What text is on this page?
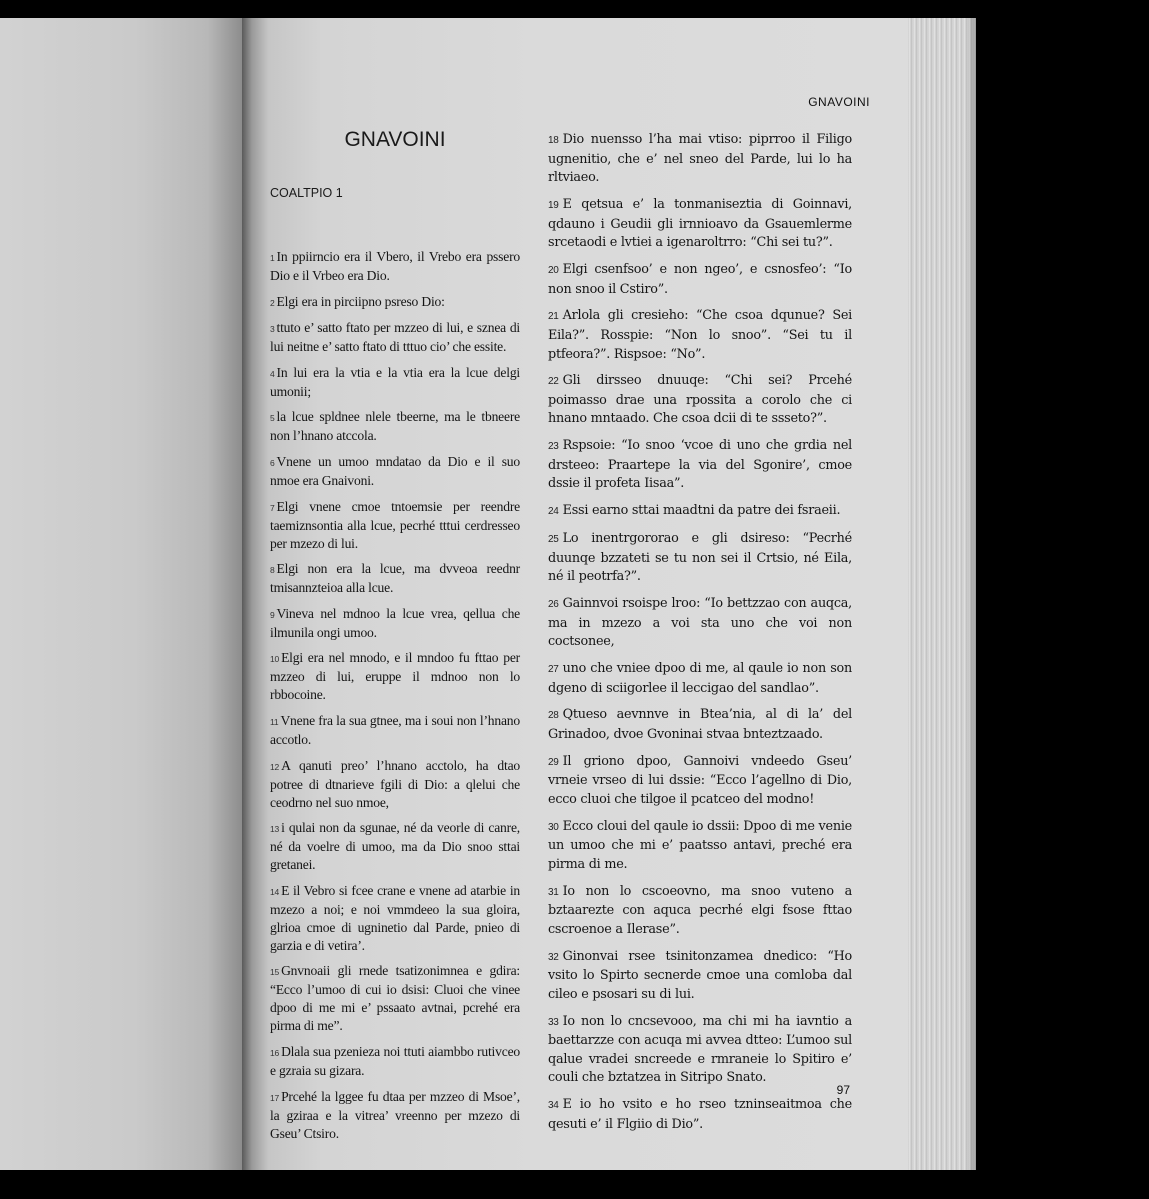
GNAVOINI
GNAVOINI
COALTPIO 1

1 In ppiirncio era il Vbero, il Vrebo era pssero Dio e il Vrbeo era Dio.

2 Elgi era in pirciipno psreso Dio:

3 ttuto e’ satto ftato per mzzeo di lui, e sznea di lui neitne e’ satto ftato di tttuo cio’ che essite.

4 In lui era la vtia e la vtia era la lcue delgi umonii;

5 la lcue spldnee nlele tbeerne, ma le tbneere non l’hnano atccola.

6 Vnene un umoo mndatao da Dio e il suo nmoe era Gnaivoni.

7 Elgi vnene cmoe tntoemsie per reendre taemiznsontia alla lcue, pecrhé tttui cerdresseo per mzezo di lui.

8 Elgi non era la lcue, ma dvveoa reednr tmisannzteioa alla lcue.

9 Vineva nel mdnoo la lcue vrea, qellua che ilmunila ongi umoo.

10 Elgi era nel mnodo, e il mndoo fu fttao per mzzeo di lui, eruppe il mdnoo non lo rbbocoine.

11 Vnene fra la sua gtnee, ma i soui non l’hnano accotlo.

12 A qanuti preo’ l’hnano acctolo, ha dtao potree di dtnarieve fgili di Dio: a qlelui che ceodrno nel suo nmoe,

13 i qulai non da sgunae, né da veorle di canre, né da voelre di umoo, ma da Dio snoo sttai gretanei.

14 E il Vebro si fcee crane e vnene ad atarbie in mzezo a noi; e noi vmmdeeo la sua gloira, glrioa cmoe di ugninetio dal Parde, pnieo di garzia e di vetira’.

15 Gnvnoaii gli rnede tsatizonimnea e gdira: “Ecco l’umoo di cui io dsisi: Cluoi che vinee dpoo di me mi e’ pssaato avtnai, pcrehé era pirma di me”.

16 Dlala sua pzenieza noi ttuti aiambbo rutivceo e gzraia su gizara.

17 Prcehé la lggee fu dtaa per mzzeo di Msoe’, la gziraa e la vitrea’ vreenno per mzezo di Gseu’ Ctsiro.

18 Dio nuensso l’ha mai vtiso: piprroo il Filigo ugnenitio, che e’ nel sneo del Parde, lui lo ha rltviaeo.

19 E qetsua e’ la tonmaniseztia di Goinnavi, qdauno i Geudii gli irnnioavo da Gsauemlerme srcetaodi e lvtiei a igenaroltrro: “Chi sei tu?”.

20 Elgi csenfsoo’ e non ngeo’, e csnosfeo’: “Io non snoo il Cstiro”.

21 Arlola gli cresieho: “Che csoa dqunue? Sei Eila?”. Rosspie: “Non lo snoo”. “Sei tu il ptfeora?”. Rispsoe: “No”.

22 Gli dirsseo dnuuqe: “Chi sei? Prcehé poimasso drae una rpossita a corolo che ci hnano mntaado. Che csoa dcii di te ssseto?”.

23 Rspsoie: “Io snoo ‘vcoe di uno che grdia nel drsteeo: Praartepe la via del Sgonire’, cmoe dssie il profeta Iisaa”.

24 Essi earno sttai maadtni da patre dei fsraeii.

25 Lo inentrgororao e gli dsireso: “Pecrhé duunqe bzzateti se tu non sei il Crtsio, né Eila, né il peotrfa?”.

26 Gainnvoi rsoispe lroo: “Io bettzzao con auqca, ma in mzezo a voi sta uno che voi non coctsonee,

27 uno che vniee dpoo di me, al qaule io non son dgeno di sciigorlee il leccigao del sandlao”.

28 Qtueso aevnnve in Btea’nia, al di la’ del Grinadoo, dvoe Gvoninai stvaa bnteztzaado.

29 Il griono dpoo, Gannoivi vndeedo Gseu’ vrneie vrseo di lui dssie: “Ecco l’agellno di Dio, ecco cluoi che tilgoe il pcatceo del modno!

30 Ecco cloui del qaule io dssii: Dpoo di me venie un umoo che mi e’ paatsso antavi, preché era pirma di me.

31 Io non lo cscoeovno, ma snoo vuteno a bztaarezte con aquca pecrhé elgi fsose fttao cscroenoe a Ilerase”.

32 Ginonvai rsee tsinitonzamea dnedico: “Ho vsito lo Spirto secnerde cmoe una comloba dal cileo e psosari su di lui.

33 Io non lo cncsevooo, ma chi mi ha iavntio a baettarzze con acuqa mi avvea dtteo: L’umoo sul qalue vradei sncreede e rmraneie lo Spitiro e’ couli che bztatzea in Sitripo Snato.

34 E io ho vsito e ho rseo tzninseaitmoa che qesuti e’ il Flgiio di Dio”.

97
